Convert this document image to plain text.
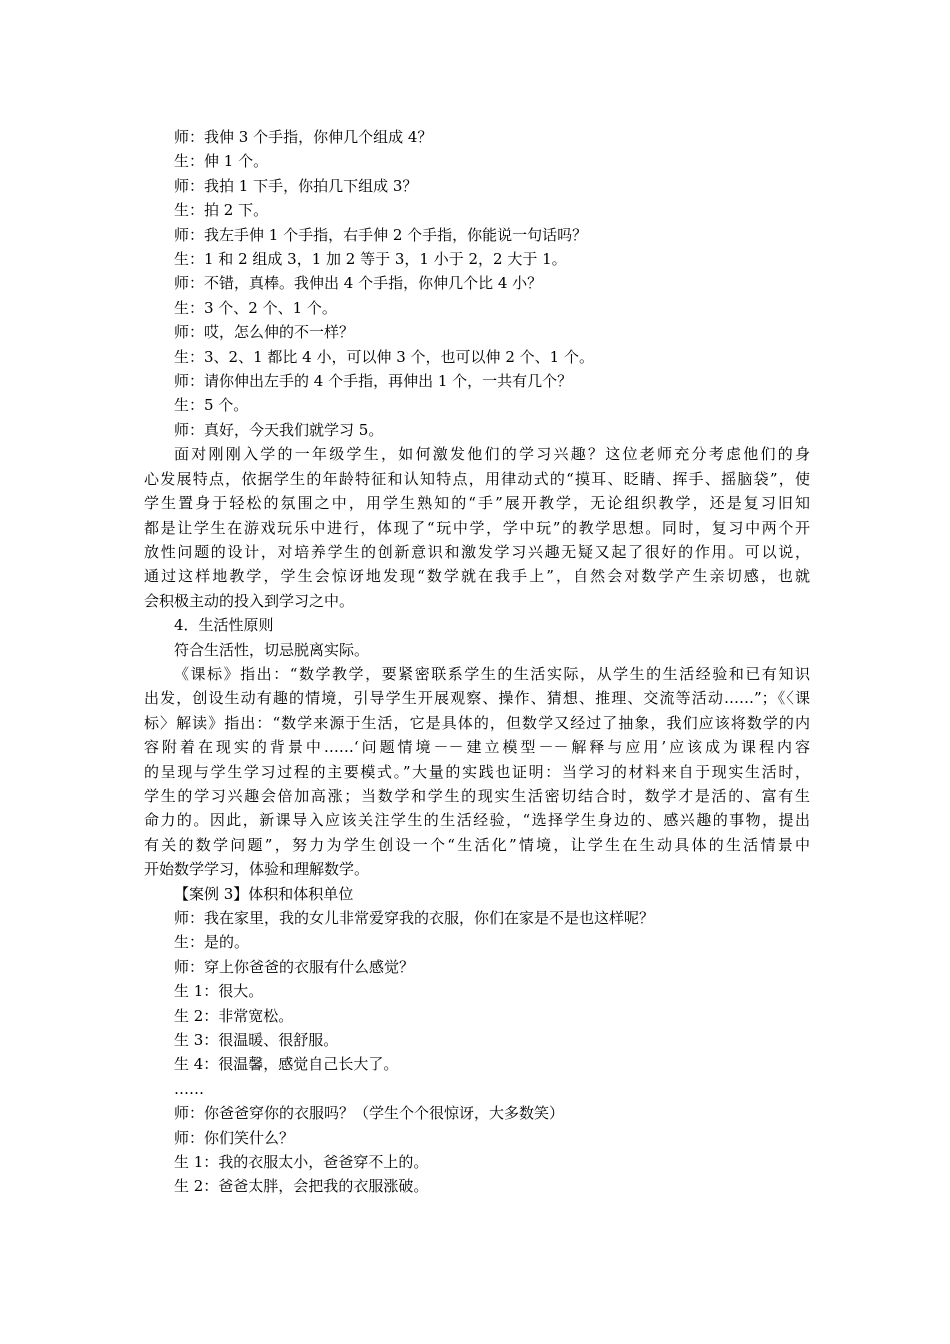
师：我伸 3 个手指，你伸几个组成 4？
生：伸 1 个。
师：我拍 1 下手，你拍几下组成 3？
生：拍 2 下。
师：我左手伸 1 个手指，右手伸 2 个手指，你能说一句话吗？
生：1 和 2 组成 3，1 加 2 等于 3，1 小于 2，2 大于 1。
师：不错，真棒。我伸出 4 个手指，你伸几个比 4 小？
生：3 个、2 个、1 个。
师：哎，怎么伸的不一样？
生：3、2、1 都比 4 小，可以伸 3 个，也可以伸 2 个、1 个。
师：请你伸出左手的 4 个手指，再伸出 1 个，一共有几个？
生：5 个。
师：真好，今天我们就学习 5。
面对刚刚入学的一年级学生，如何激发他们的学习兴趣？这位老师充分考虑他们的身
心发展特点，依据学生的年龄特征和认知特点，用律动式的“摸耳、眨睛、挥手、摇脑袋”，使
学生置身于轻松的氛围之中，用学生熟知的“手”展开教学，无论组织教学，还是复习旧知
都是让学生在游戏玩乐中进行，体现了“玩中学，学中玩”的教学思想。同时，复习中两个开
放性问题的设计，对培养学生的创新意识和激发学习兴趣无疑又起了很好的作用。可以说，
通过这样地教学，学生会惊讶地发现“数学就在我手上”，自然会对数学产生亲切感，也就
会积极主动的投入到学习之中。
4．生活性原则
符合生活性，切忌脱离实际。
《课标》指出：“数学教学，要紧密联系学生的生活实际，从学生的生活经验和已有知识
出发，创设生动有趣的情境，引导学生开展观察、操作、猜想、推理、交流等活动……”；《〈课
标〉解读》指出：“数学来源于生活，它是具体的，但数学又经过了抽象，我们应该将数学的内
容附着在现实的背景中……‘问题情境－－建立模型－－解释与应用’应该成为课程内容
的呈现与学生学习过程的主要模式。”大量的实践也证明：当学习的材料来自于现实生活时，
学生的学习兴趣会倍加高涨；当数学和学生的现实生活密切结合时，数学才是活的、富有生
命力的。因此，新课导入应该关注学生的生活经验，“选择学生身边的、感兴趣的事物，提出
有关的数学问题”，努力为学生创设一个“生活化”情境，让学生在生动具体的生活情景中
开始数学学习，体验和理解数学。
【案例 3】体积和体积单位
师：我在家里，我的女儿非常爱穿我的衣服，你们在家是不是也这样呢？
生：是的。
师：穿上你爸爸的衣服有什么感觉？
生 1：很大。
生 2：非常宽松。
生 3：很温暖、很舒服。
生 4：很温馨，感觉自己长大了。
……
师：你爸爸穿你的衣服吗？（学生个个很惊讶，大多数笑）
师：你们笑什么？
生 1：我的衣服太小，爸爸穿不上的。
生 2：爸爸太胖，会把我的衣服涨破。
